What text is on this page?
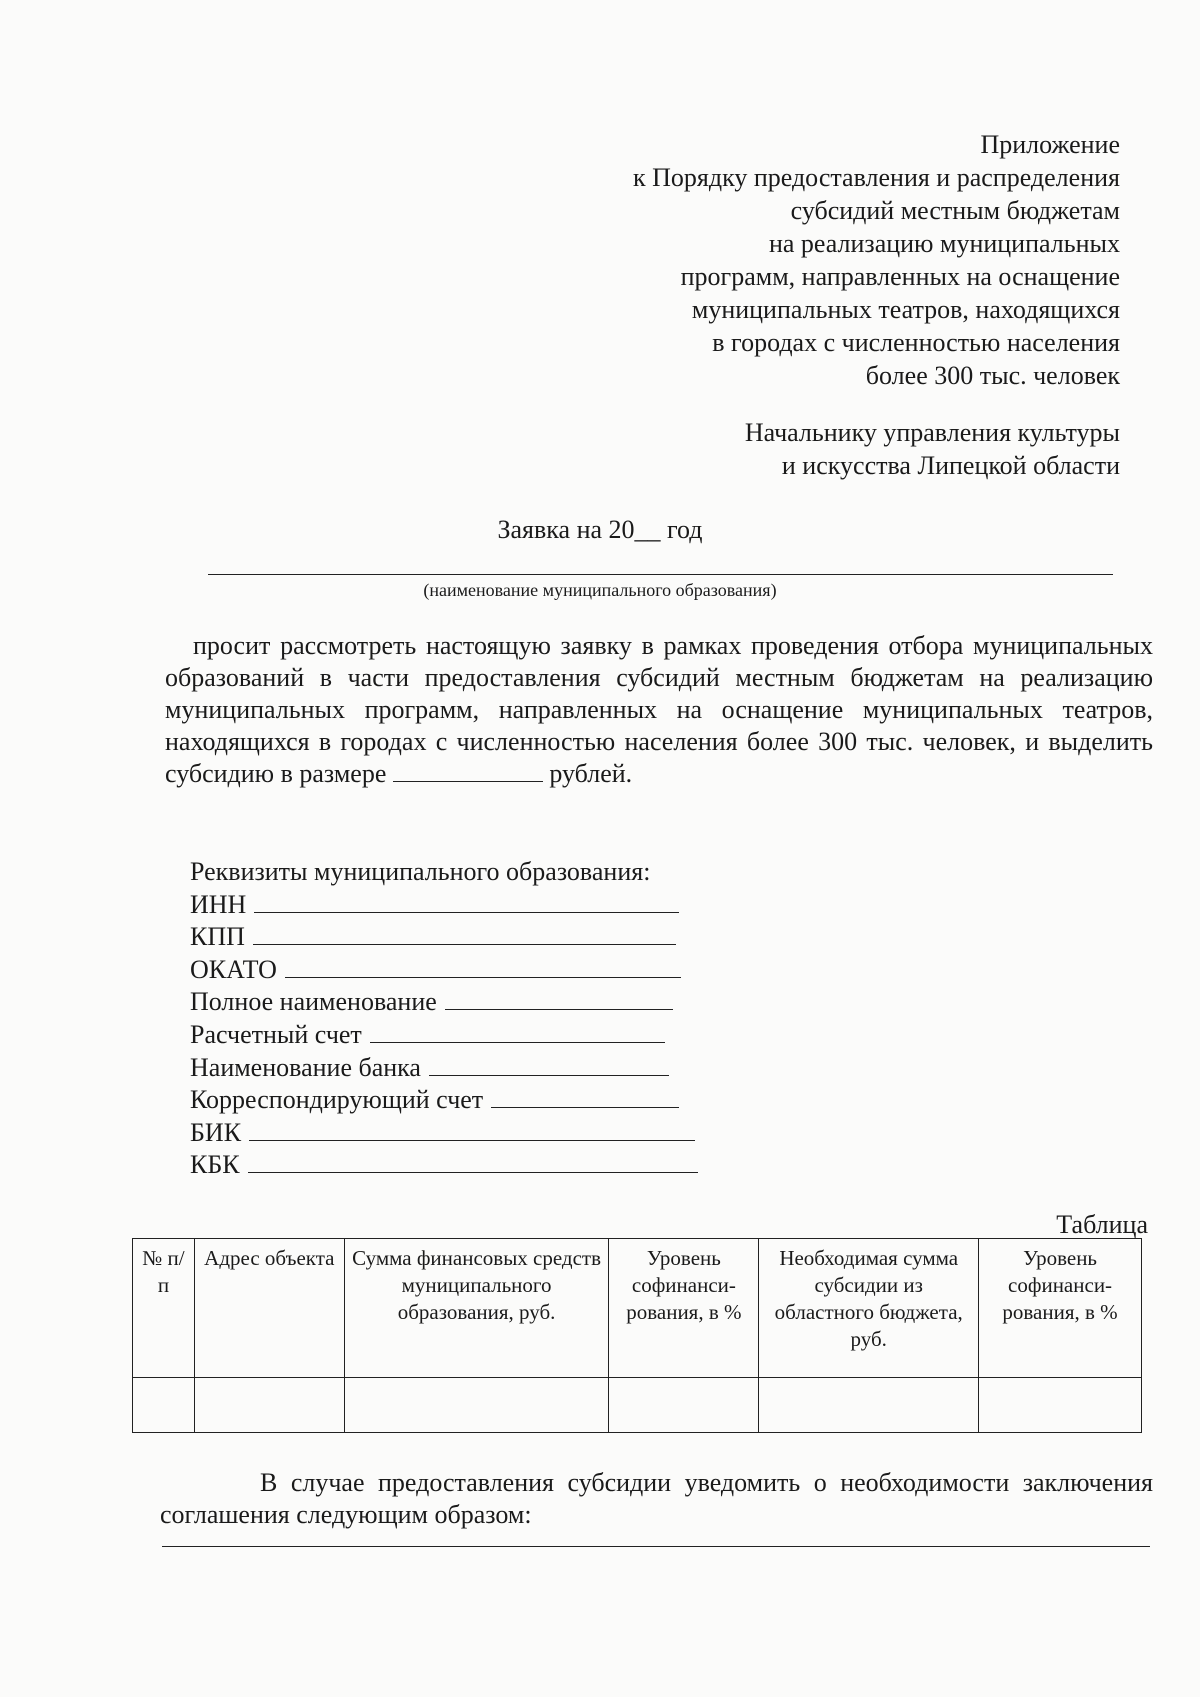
Приложение
к Порядку предоставления и распределения
субсидий местным бюджетам
на реализацию муниципальных
программ, направленных на оснащение
муниципальных театров, находящихся
в городах с численностью населения
более 300 тыс. человек
Начальнику управления культуры
и искусства Липецкой области
Заявка на 20__ год
(наименование муниципального образования)

просит рассмотреть настоящую заявку в рамках проведения отбора муниципальных образований в части предоставления субсидий местным бюджетам на реализацию муниципальных программ, направленных на оснащение муниципальных театров, находящихся в городах с численностью населения более 300 тыс. человек, и выделить субсидию в размере	рублей.

Реквизиты муниципального образования:
ИНН
КПП
ОКАТО
Полное наименование
Расчетный счет
Наименование банка
Корреспондирующий счет
БИК
КБК
Таблица
№ п/п	Адрес объекта	Сумма финансовых средств муниципального образования, руб.	Уровень софинанси-рования, в %	Необходимая сумма субсидии из областного бюджета, руб.	Уровень софинанси-рования, в %

В случае предоставления субсидии уведомить о необходимости заключения соглашения следующим образом:
